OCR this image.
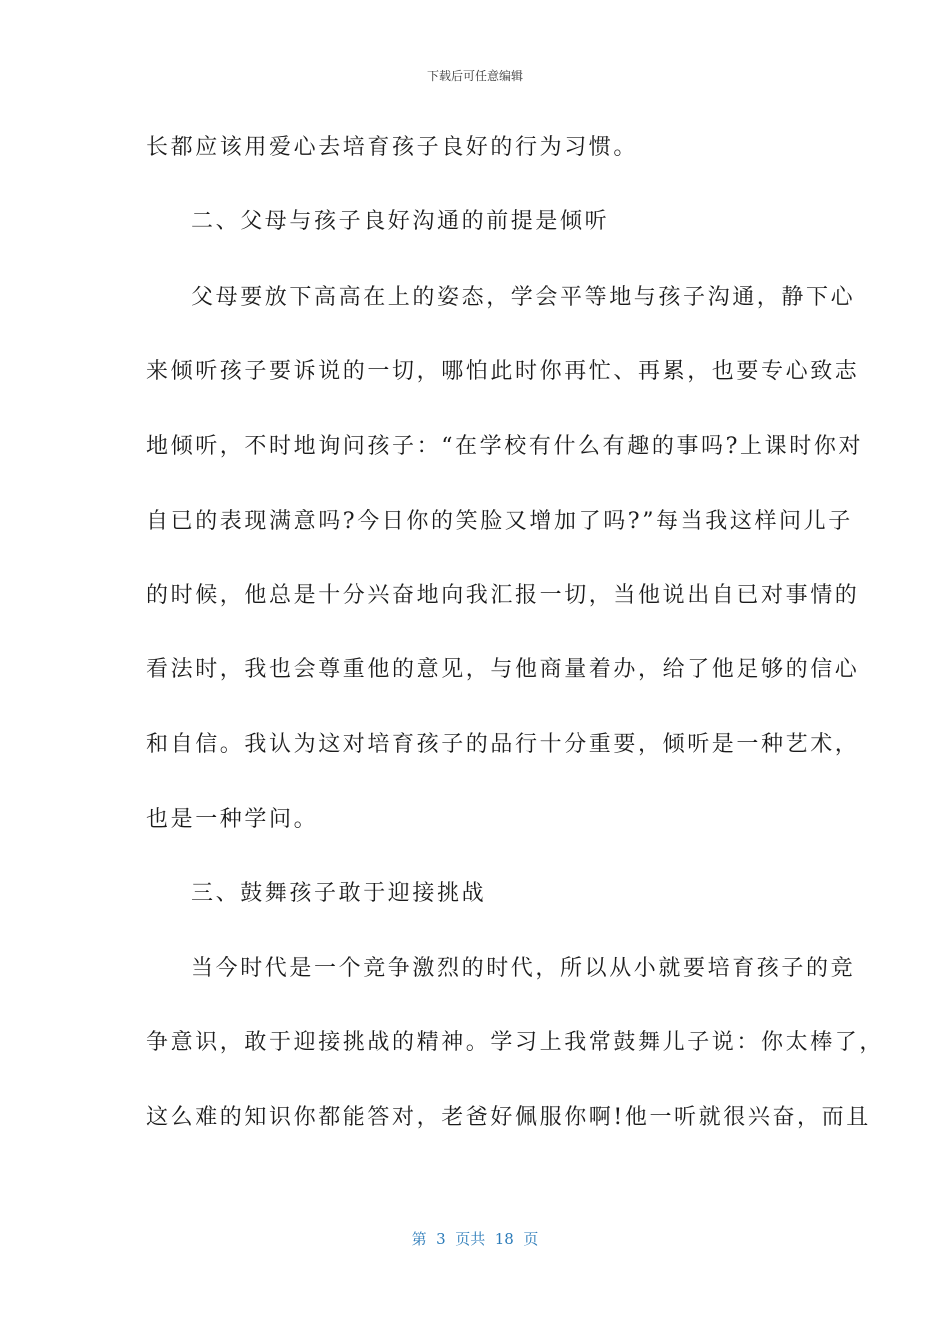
下载后可任意编辑
长都应该用爱心去培育孩子良好的行为习惯。
二、父母与孩子良好沟通的前提是倾听
父母要放下高高在上的姿态，学会平等地与孩子沟通，静下心
来倾听孩子要诉说的一切，哪怕此时你再忙、再累，也要专心致志
地倾听，不时地询问孩子：“在学校有什么有趣的事吗?上课时你对
自已的表现满意吗?今日你的笑脸又增加了吗?”每当我这样问儿子
的时候，他总是十分兴奋地向我汇报一切，当他说出自已对事情的
看法时，我也会尊重他的意见，与他商量着办，给了他足够的信心
和自信。我认为这对培育孩子的品行十分重要，倾听是一种艺术，
也是一种学问。
三、鼓舞孩子敢于迎接挑战
当今时代是一个竞争激烈的时代，所以从小就要培育孩子的竞
争意识，敢于迎接挑战的精神。学习上我常鼓舞儿子说：你太棒了，
这么难的知识你都能答对，老爸好佩服你啊!他一听就很兴奋，而且
第  3  页共  18  页
